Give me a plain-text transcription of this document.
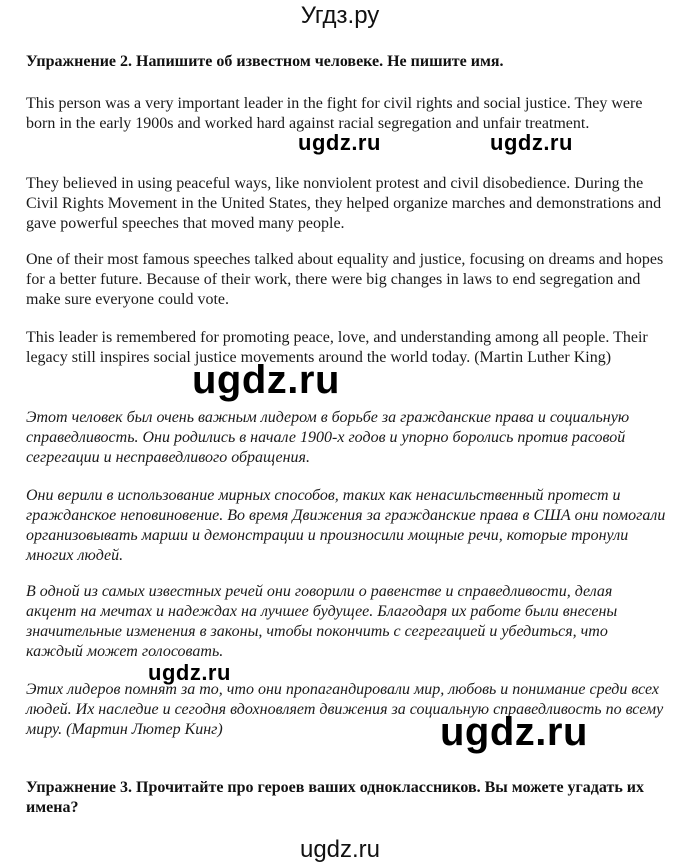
Угдз.ру
Упражнение 2. Напишите об известном человеке. Не пишите имя.

This person was a very important leader in the fight for civil rights and social justice. They were born in the early 1900s and worked hard against racial segregation and unfair treatment.

They believed in using peaceful ways, like nonviolent protest and civil disobedience. During the Civil Rights Movement in the United States, they helped organize marches and demonstrations and gave powerful speeches that moved many people.

One of their most famous speeches talked about equality and justice, focusing on dreams and hopes for a better future. Because of their work, there were big changes in laws to end segregation and make sure everyone could vote.

This leader is remembered for promoting peace, love, and understanding among all people. Their legacy still inspires social justice movements around the world today. (Martin Luther King)

Этот человек был очень важным лидером в борьбе за гражданские права и социальную справедливость. Они родились в начале 1900-х годов и упорно боролись против расовой сегрегации и несправедливого обращения.

Они верили в использование мирных способов, таких как ненасильственный протест и гражданское неповиновение. Во время Движения за гражданские права в США они помогали организовывать марши и демонстрации и произносили мощные речи, которые тронули многих людей.

В одной из самых известных речей они говорили о равенстве и справедливости, делая акцент на мечтах и надеждах на лучшее будущее. Благодаря их работе были внесены значительные изменения в законы, чтобы покончить с сегрегацией и убедиться, что каждый может голосовать.

Этих лидеров помнят за то, что они пропагандировали мир, любовь и понимание среди всех людей. Их наследие и сегодня вдохновляет движения за социальную справедливость по всему миру. (Мартин Лютер Кинг)

Упражнение 3. Прочитайте про героев ваших одноклассников. Вы можете угадать их имена?
ugdz.ru	ugdz.ru
ugdz.ru
ugdz.ru
ugdz.ru
ugdz.ru
